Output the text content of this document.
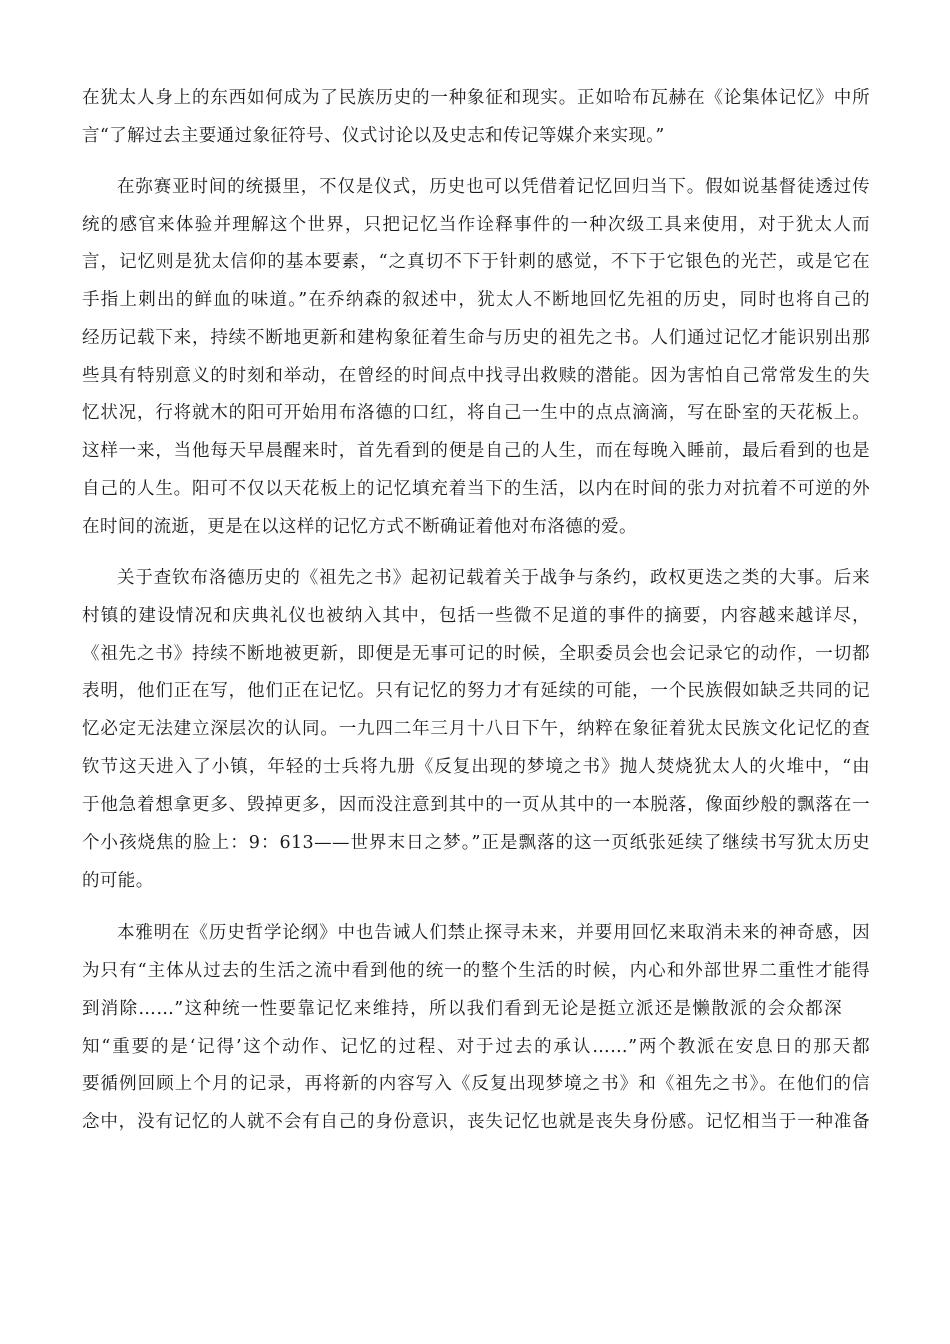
在犹太人身上的东西如何成为了民族历史的一种象征和现实。正如哈布瓦赫在《论集体记忆》中所
言“了解过去主要通过象征符号、仪式讨论以及史志和传记等媒介来实现。”
在弥赛亚时间的统摄里，不仅是仪式，历史也可以凭借着记忆回归当下。假如说基督徒透过传
统的感官来体验并理解这个世界，只把记忆当作诠释事件的一种次级工具来使用，对于犹太人而
言，记忆则是犹太信仰的基本要素，“之真切不下于针刺的感觉，不下于它银色的光芒，或是它在
手指上刺出的鲜血的味道。”在乔纳森的叙述中，犹太人不断地回忆先祖的历史，同时也将自己的
经历记载下来，持续不断地更新和建构象征着生命与历史的祖先之书。人们通过记忆才能识别出那
些具有特别意义的时刻和举动，在曾经的时间点中找寻出救赎的潜能。因为害怕自己常常发生的失
忆状况，行将就木的阳可开始用布洛德的口红，将自己一生中的点点滴滴，写在卧室的天花板上。
这样一来，当他每天早晨醒来时，首先看到的便是自己的人生，而在每晚入睡前，最后看到的也是
自己的人生。阳可不仅以天花板上的记忆填充着当下的生活，以内在时间的张力对抗着不可逆的外
在时间的流逝，更是在以这样的记忆方式不断确证着他对布洛德的爱。
关于查钦布洛德历史的《祖先之书》起初记载着关于战争与条约，政权更迭之类的大事。后来
村镇的建设情况和庆典礼仪也被纳入其中，包括一些微不足道的事件的摘要，内容越来越详尽，
《祖先之书》持续不断地被更新，即便是无事可记的时候，全职委员会也会记录它的动作，一切都
表明，他们正在写，他们正在记忆。只有记忆的努力才有延续的可能，一个民族假如缺乏共同的记
忆必定无法建立深层次的认同。一九四二年三月十八日下午，纳粹在象征着犹太民族文化记忆的查
钦节这天进入了小镇，年轻的士兵将九册《反复出现的梦境之书》抛人焚烧犹太人的火堆中，“由
于他急着想拿更多、毁掉更多，因而没注意到其中的一页从其中的一本脱落，像面纱般的飘落在一
个小孩烧焦的脸上：9：613——世界末日之梦。”正是飘落的这一页纸张延续了继续书写犹太历史
的可能。
本雅明在《历史哲学论纲》中也告诫人们禁止探寻未来，并要用回忆来取消未来的神奇感，因
为只有“主体从过去的生活之流中看到他的统一的整个生活的时候，内心和外部世界二重性才能得
到消除……”这种统一性要靠记忆来维持，所以我们看到无论是挺立派还是懒散派的会众都深
知“重要的是‘记得’这个动作、记忆的过程、对于过去的承认……”两个教派在安息日的那天都
要循例回顾上个月的记录，再将新的内容写入《反复出现梦境之书》和《祖先之书》。在他们的信
念中，没有记忆的人就不会有自己的身份意识，丧失记忆也就是丧失身份感。记忆相当于一种准备
